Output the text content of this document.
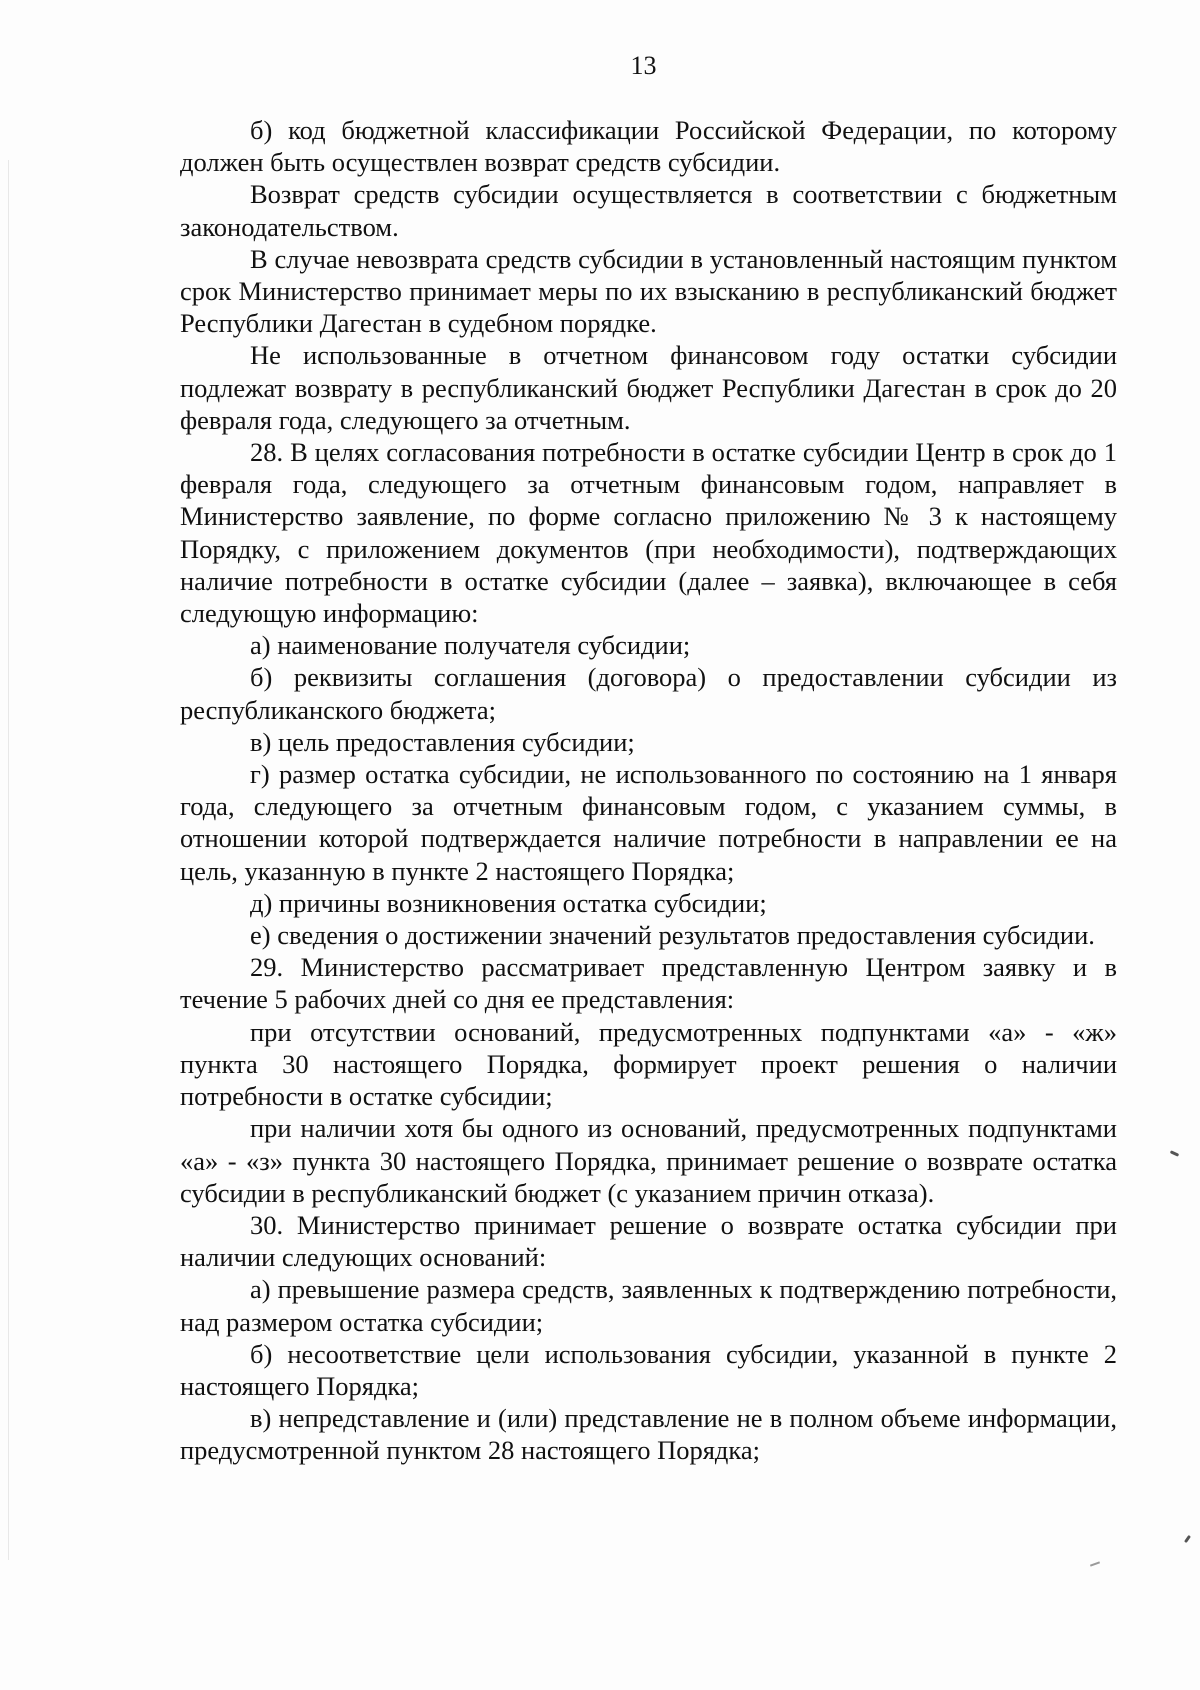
13

б) код бюджетной классификации Российской Федерации, по которому должен быть осуществлен возврат средств субсидии.

Возврат средств субсидии осуществляется в соответствии с бюджетным законодательством.

В случае невозврата средств субсидии в установленный настоящим пунктом срок Министерство принимает меры по их взысканию в республиканский бюджет Республики Дагестан в судебном порядке.

Не использованные в отчетном финансовом году остатки субсидии подлежат возврату в республиканский бюджет Республики Дагестан в срок до 20 февраля года, следующего за отчетным.

28. В целях согласования потребности в остатке субсидии Центр в срок до 1 февраля года, следующего за отчетным финансовым годом, направляет в Министерство заявление, по форме согласно приложению № 3 к настоящему Порядку, с приложением документов (при необходимости), подтверждающих наличие потребности в остатке субсидии (далее – заявка), включающее в себя следующую информацию:

а) наименование получателя субсидии;

б) реквизиты соглашения (договора) о предоставлении субсидии из республиканского бюджета;

в) цель предоставления субсидии;

г) размер остатка субсидии, не использованного по состоянию на 1 января года, следующего за отчетным финансовым годом, с указанием суммы, в отношении которой подтверждается наличие потребности в направлении ее на цель, указанную в пункте 2 настоящего Порядка;

д) причины возникновения остатка субсидии;

е) сведения о достижении значений результатов предоставления субсидии.

29. Министерство рассматривает представленную Центром заявку и в течение 5 рабочих дней со дня ее представления:

при отсутствии оснований, предусмотренных подпунктами «а» - «ж» пункта 30 настоящего Порядка, формирует проект решения о наличии потребности в остатке субсидии;

при наличии хотя бы одного из оснований, предусмотренных подпунктами «а» - «з» пункта 30 настоящего Порядка, принимает решение о возврате остатка субсидии в республиканский бюджет (с указанием причин отказа).

30. Министерство принимает решение о возврате остатка субсидии при наличии следующих оснований:

а) превышение размера средств, заявленных к подтверждению потребности, над размером остатка субсидии;

б) несоответствие цели использования субсидии, указанной в пункте 2 настоящего Порядка;

в) непредставление и (или) представление не в полном объеме информации, предусмотренной пунктом 28 настоящего Порядка;
